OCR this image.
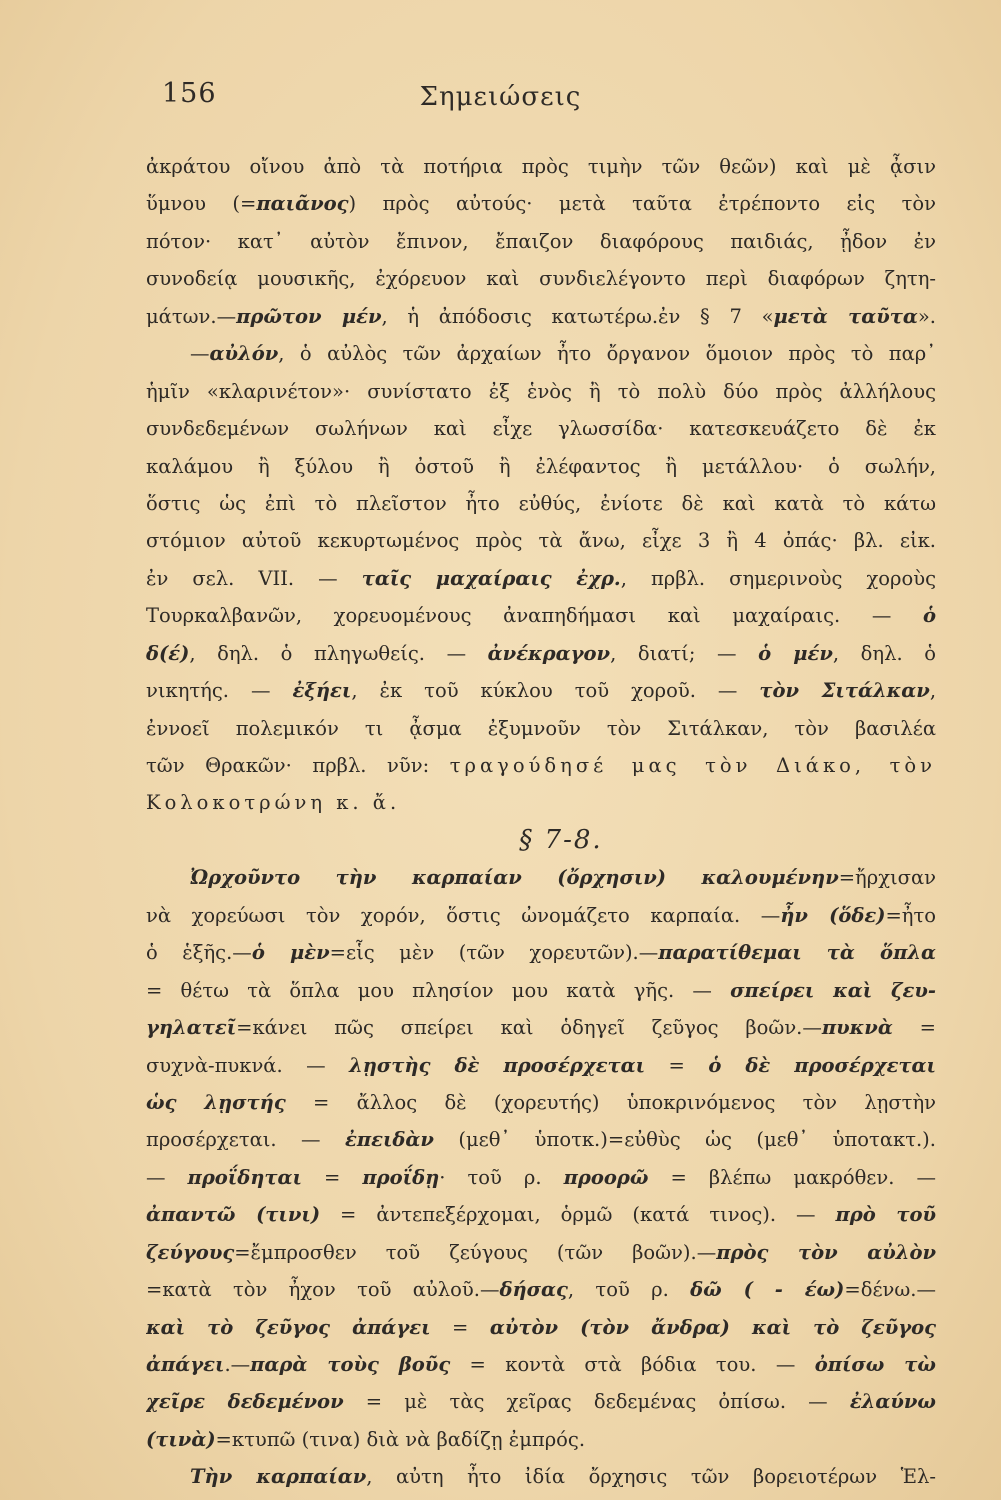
156	Σημειώσεις
ἀκράτου οἴνου ἀπὸ τὰ ποτήρια πρὸς τιμὴν τῶν θεῶν) καὶ μὲ ᾆσιν
ὕμνου (=παιᾶνος) πρὸς αὐτούς· μετὰ ταῦτα ἐτρέποντο εἰς τὸν
πότον· κατ᾽ αὐτὸν ἔπινον, ἔπαιζον διαφόρους παιδιάς, ᾖδον ἐν
συνοδείᾳ μουσικῆς, ἐχόρευον καὶ συνδιελέγοντο περὶ διαφόρων ζητη-
μάτων.—πρῶτον μέν, ἡ ἀπόδοσις κατωτέρω.ἐν § 7 «μετὰ ταῦτα».
—αὐλόν, ὁ αὐλὸς τῶν ἀρχαίων ἦτο ὄργανον ὅμοιον πρὸς τὸ παρ᾽
ἡμῖν «κλαρινέτον»· συνίστατο ἐξ ἑνὸς ἢ τὸ πολὺ δύο πρὸς ἀλλήλους
συνδεδεμένων σωλήνων καὶ εἶχε γλωσσίδα· κατεσκευάζετο δὲ ἐκ
καλάμου ἢ ξύλου ἢ ὀστοῦ ἢ ἐλέφαντος ἢ μετάλλου· ὁ σωλήν,
ὅστις ὡς ἐπὶ τὸ πλεῖστον ἦτο εὐθύς, ἐνίοτε δὲ καὶ κατὰ τὸ κάτω
στόμιον αὐτοῦ κεκυρτωμένος πρὸς τὰ ἄνω, εἶχε 3 ἢ 4 ὀπάς· βλ. εἰκ.
ἐν σελ. VII. — ταῖς μαχαίραις ἐχρ., πρβλ. σημερινοὺς χοροὺς
Τουρκαλβανῶν, χορευομένους ἀναπηδήμασι καὶ μαχαίραις. — ὁ
δ(έ), δηλ. ὁ πληγωθείς. — ἀνέκραγον, διατί; — ὁ μέν, δηλ. ὁ
νικητής. — ἐξήει, ἐκ τοῦ κύκλου τοῦ χοροῦ. — τὸν Σιτάλκαν,
ἐννοεῖ πολεμικόν τι ᾆσμα ἐξυμνοῦν τὸν Σιτάλκαν, τὸν βασιλέα
τῶν Θρακῶν· πρβλ. νῦν: τραγούδησέ μας τὸν Διάκο, τὸν
Κολοκοτρώνη κ. ἄ.
§ 7-8.
Ὠρχοῦντο τὴν καρπαίαν (ὄρχησιν) καλουμένην=ἤρχισαν
νὰ χορεύωσι τὸν χορόν, ὅστις ὠνομάζετο καρπαία. —ἦν (ὅδε)=ἦτο
ὁ ἑξῆς.—ὁ μὲν=εἷς μὲν (τῶν χορευτῶν).—παρατίθεμαι τὰ ὅπλα
= θέτω τὰ ὅπλα μου πλησίον μου κατὰ γῆς. — σπείρει καὶ ζευ-
γηλατεῖ=κάνει πῶς σπείρει καὶ ὁδηγεῖ ζεῦγος βοῶν.—πυκνὰ =
συχνὰ-πυκνά. — λῃστὴς δὲ προσέρχεται = ὁ δὲ προσέρχεται
ὡς λῃστής = ἄλλος δὲ (χορευτής) ὑποκρινόμενος τὸν λῃστὴν
προσέρχεται. — ἐπειδὰν (μεθ᾽ ὑποτκ.)=εὐθὺς ὡς (μεθ᾽ ὑποτακτ.).
— προΐδηται = προΐδῃ· τοῦ ρ. προορῶ = βλέπω μακρόθεν. —
ἀπαντῶ (τινι) = ἀντεπεξέρχομαι, ὁρμῶ (κατά τινος). — πρὸ τοῦ
ζεύγους=ἔμπροσθεν τοῦ ζεύγους (τῶν βοῶν).—πρὸς τὸν αὐλὸν
=κατὰ τὸν ἦχον τοῦ αὐλοῦ.—δήσας, τοῦ ρ. δῶ ( - έω)=δένω.—
καὶ τὸ ζεῦγος ἀπάγει = αὐτὸν (τὸν ἄνδρα) καὶ τὸ ζεῦγος
ἀπάγει.—παρὰ τοὺς βοῦς = κοντὰ στὰ βόδια του. — ὀπίσω τὼ
χεῖρε δεδεμένον = μὲ τὰς χεῖρας δεδεμένας ὀπίσω. — ἐλαύνω
(τινὰ)=κτυπῶ (τινα) διὰ νὰ βαδίζῃ ἐμπρός.
Τὴν καρπαίαν, αὐτη ἦτο ἰδία ὄρχησις τῶν βορειοτέρων Ἑλ-
